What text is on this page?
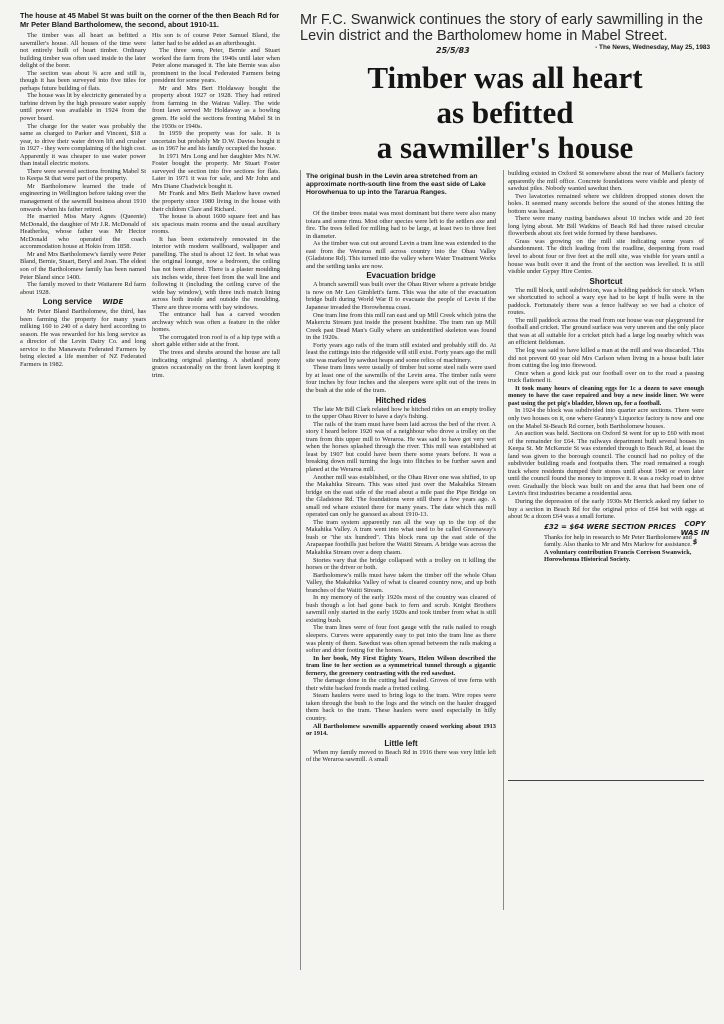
The house at 45 Mabel St was built on the corner of the then Beach Rd for Mr Peter Bland Bartholomew, the second, about 1910-11.	Mr F.C. Swanwick continues the story of early sawmilling in the Levin district and the Bartholomew home in Mabel Street.
25/5/83	- The News, Wednesday, May 25, 1983
Timber was all heart
as befitted
a sawmiller's house
The original bush in the Levin area stretched from an approximate north-south line from the east side of Lake Horowhenua to up into the Tararua Ranges.

The timber was all heart as befitted a sawmiller's house. All houses of the time were not entirely built of heart timber. Ordinary building timber was often used inside to the later delight of the borer.

The section was about ¾ acre and still is, though it has been surveyed into five titles for perhaps future building of flats.

The house was lit by electricity generated by a turbine driven by the high pressure water supply until power was available in 1924 from the power board.

The charge for the water was probably the same as charged to Parker and Vincent, $18 a year, to drive their water driven lift and crusher in 1927 - they were complaining of the high cost. Apparently it was cheaper to use water power than install electric motors.

There were several sections fronting Mabel St to Keepa St that were part of the property.

Mr Bartholomew learned the trade of engineering in Wellington before taking over the management of the sawmill business about 1910 onwards when his father retired.

He married Miss Mary Agnes (Queenie) McDonald, the daughter of Mr J.R. McDonald of Heatherlea, whose father was Mr Hector McDonald who operated the coach accommodation house at Hokio from 1858.

Mr and Mrs Bartholomew's family were Peter Bland, Bernie, Stuart, Beryl and Joan. The eldest son of the Bartholomew family has been named Peter Bland since 1400.

The family moved to their Waitarere Rd farm about 1928.

Long service WIDE

Mr Peter Bland Bartholomew, the third, has been farming the property for many years milking 160 to 240 of a dairy herd according to season. He was rewarded for his long service as a director of the Levin Dairy Co. and long service to the Manawatu Federated Farmers by being elected a life member of NZ Federated Farmers in 1982.

His son is of course Peter Samuel Bland, the latter had to be added as an afterthought.

The three sons, Peter, Bernie and Stuart worked the farm from the 1940s until later when Peter alone managed it. The late Bernie was also prominent in the local Federated Farmers being president for some years.

Mr and Mrs Bert Holdaway bought the property about 1927 or 1928. They had retired from farming in the Wairau Valley. The wide front lawn served Mr Holdaway as a bowling green. He sold the sections fronting Mabel St in the 1930s or 1940s.

In 1959 the property was for sale. It is uncertain but probably Mr D.W. Davies bought it as in 1967 he and his family occupied the house.

In 1971 Mrs Long and her daughter Mrs N.W. Foster bought the property. Mr Stuart Foster surveyed the section into five sections for flats. Later in 1971 it was for sale, and Mr John and Mrs Diane Chadwick bought it.

Mr Frank and Mrs Beth Marlow have owned the property since 1980 living in the house with their children Clare and Richard.

The house is about 1600 square feet and has six spacious main rooms and the usual auxiliary rooms.

It has been extensively renovated in the interior with modern wallboard, wallpaper and panelling. The stud is about 12 feet. In what was the original lounge, now a bedroom, the ceiling has not been altered. There is a plaster moulding six inches wide, three feet from the wall line and following it (including the ceiling curve of the wide bay window), with three inch match lining across both inside and outside the moulding. There are three rooms with bay windows.

The entrance hall has a carved wooden archway which was often a feature in the older homes.

The corrugated iron roof is of a hip type with a short gable either side at the front.

The trees and shrubs around the house are tall indicating original planting. A shetland pony grazes occasionally on the front lawn keeping it trim.

Of the timber trees matai was most dominant but there were also many totara and some rimu. Most other species were left to the settlers axe and fire. The trees felled for milling had to be large, at least two to three feet in diameter.

As the timber was cut out around Levin a tram line was extended to the east from the Weraroa mill across country into the Ohau Valley (Gladstone Rd). This turned into the valley where Water Treatment Works and the settling tanks are now.

Evacuation bridge

A branch sawmill was built over the Ohau River where a private bridge is now on Mr Leo Gimblett's farm. This was the site of the evacuation bridge built during World War II to evacuate the people of Levin if the Japanese invaded the Horowhenua coast.

One tram line from this mill ran east and up Mill Creek which joins the Makerctu Stream just inside the present bushline. The tram ran up Mill Creek past Dead Man's Gully where an unidentified skeleton was found in the 1920s.

Forty years ago rails of the tram still existed and probably still do. At least the cuttings into the ridgeside will still exist. Forty years ago the mill site was marked by sawdust heaps and some relics of machinery.

These tram lines were usually of timber but some steel rails were used by at least one of the sawmills of the Levin area. The timber rails were four inches by four inches and the sleepers were split out of the trees in the bush at the side of the tram.

Hitched rides

The late Mr Bill Clark related how he hitched rides on an empty trolley to the upper Ohau River to have a day's fishing.

The rails of the tram must have been laid across the bed of the river. A story I heard before 1920 was of a neighbour who drove a trolley on the tram from this upper mill to Weraroa. He was said to have got very wet when the horses splashed through the river. This mill was established at least by 1907 but could have been there some years before. It was a breaking down mill turning the logs into flitches to be further sawn and planed at the Weraroa mill.

Another mill was established, or the Ohau River one was shifted, to up the Makahika Stream. This was sited just over the Makahika Stream bridge on the east side of the road about a mile past the Pipe Bridge on the Gladstone Rd. The foundations were still there a few years ago. A small red whare existed there for many years. The date which this mill operated can only be guessed as about 1910-13.

The tram system apparently ran all the way up to the top of the Makahika Valley. A tram went into what used to be called Greenaway's bush or "the six hundred". This block runs up the east side of the Arapaepae foothills just before the Waiiti Stream. A bridge was across the Makahika Stream over a deep chasm.

Stories vary that the bridge collapsed with a trolley on it killing the horses or the driver or both.

Bartholomew's mills must have taken the timber off the whole Ohau Valley, the Makahika Valley of what is cleared country now, and up both branches of the Waiiti Stream.

In my memory of the early 1920s most of the country was cleared of bush though a lot had gone back to fern and scrub. Knight Brothers sawmill only started in the early 1920s and took timber from what is still existing bush.

The tram lines were of four foot gauge with the rails nailed to rough sleepers. Curves were apparently easy to put into the tram line as there was plenty of them. Sawdust was often spread between the rails making a softer and drier footing for the horses.

In her book, My First Eighty Years, Helen Wilson described the tram line to her section as a symmetrical tunnel through a gigantic fernery, the greenery contrasting with the red sawdust.

The damage done in the cutting had healed. Groves of tree ferns with their white backed fronds made a fretted ceiling.

Steam haulers were used to bring logs to the tram. Wire ropes were taken through the bush to the logs and the winch on the hauler dragged them back to the tram. These haulers were used especially in hilly country.

All Bartholomew sawmills apparently ceased working about 1913 or 1914.

Little left

When my family moved to Beach Rd in 1916 there was very little left of the Weraroa sawmill. A small

building existed in Oxford St somewhere about the rear of Mullan's factory apparently the mill office. Concrete foundations were visible and plenty of sawdust piles. Nobody wanted sawdust then.

Two lavatories remained where we children dropped stones down the holes. It seemed many seconds before the sound of the stones hitting the bottom was heard.

There were many rusting bandsaws about 10 inches wide and 20 feet long lying about. Mr Bill Watkins of Beach Rd had three raised circular flowerbeds about six feet wide formed by these bandsaws.

Grass was growing on the mill site indicating some years of abandonment. The ditch leading from the roadline, deepening from road level to about four or five feet at the mill site, was visible for years until a house was built over it and the front of the section was levelled. It is still visible under Gypsy Hire Centre.

Shortcut

The mill block, until subdivision, was a holding paddock for stock. When we shortcutted to school a wary eye had to be kept if bulls were in the paddock. Fortunately there was a fence halfway so we had a choice of routes.

The mill paddock across the road from our house was our playground for football and cricket. The ground surface was very uneven and the only place that was at all suitable for a cricket pitch had a large log nearby which was an efficient fieldsman.

The log was said to have killed a man at the mill and was discarded. This did not prevent 60 year old Mrs Carlson when living in a house built later from cutting the log into firewood.

Once when a good kick put our football over on to the road a passing truck flattened it.

It took many hours of cleaning eggs for 1c a dozen to save enough money to have the case repaired and buy a new inside liner. We were past using the pet pig's bladder, blown up, for a football.

In 1924 the block was subdivided into quarter acre sections. There were only two houses on it, one where Granny's Liquorice factory is now and one on the Mabel St-Beach Rd corner, both Bartholomew houses.

An auction was held. Sections on Oxford St went for up to £60 with most of the remainder for £64. The railways department built several houses in Keepa St. Mr McKenzie St was extended through to Beach Rd, at least the land was given to the borough council. The council had no policy of the subdivider building roads and footpaths then. The road remained a rough track where residents dumped their stones until about 1940 or even later until the council found the money to improve it. It was a rocky road to drive over. Gradually the block was built on and the area that had been one of Levin's first industries became a residential area.

During the depression of the early 1930s Mr Herrick asked my father to buy a section in Beach Rd for the original price of £64 but with eggs at about 9c a dozen £64 was a small fortune.

£32 = $64 WERE SECTION PRICES

Thanks for help in research to Mr Peter Bartholomew and family. Also thanks to Mr and Mrs Marlow for assistance.

A voluntary contribution Francis Corrison Swanwick, Horowhenua Historical Society.

COPY WAS IN $
